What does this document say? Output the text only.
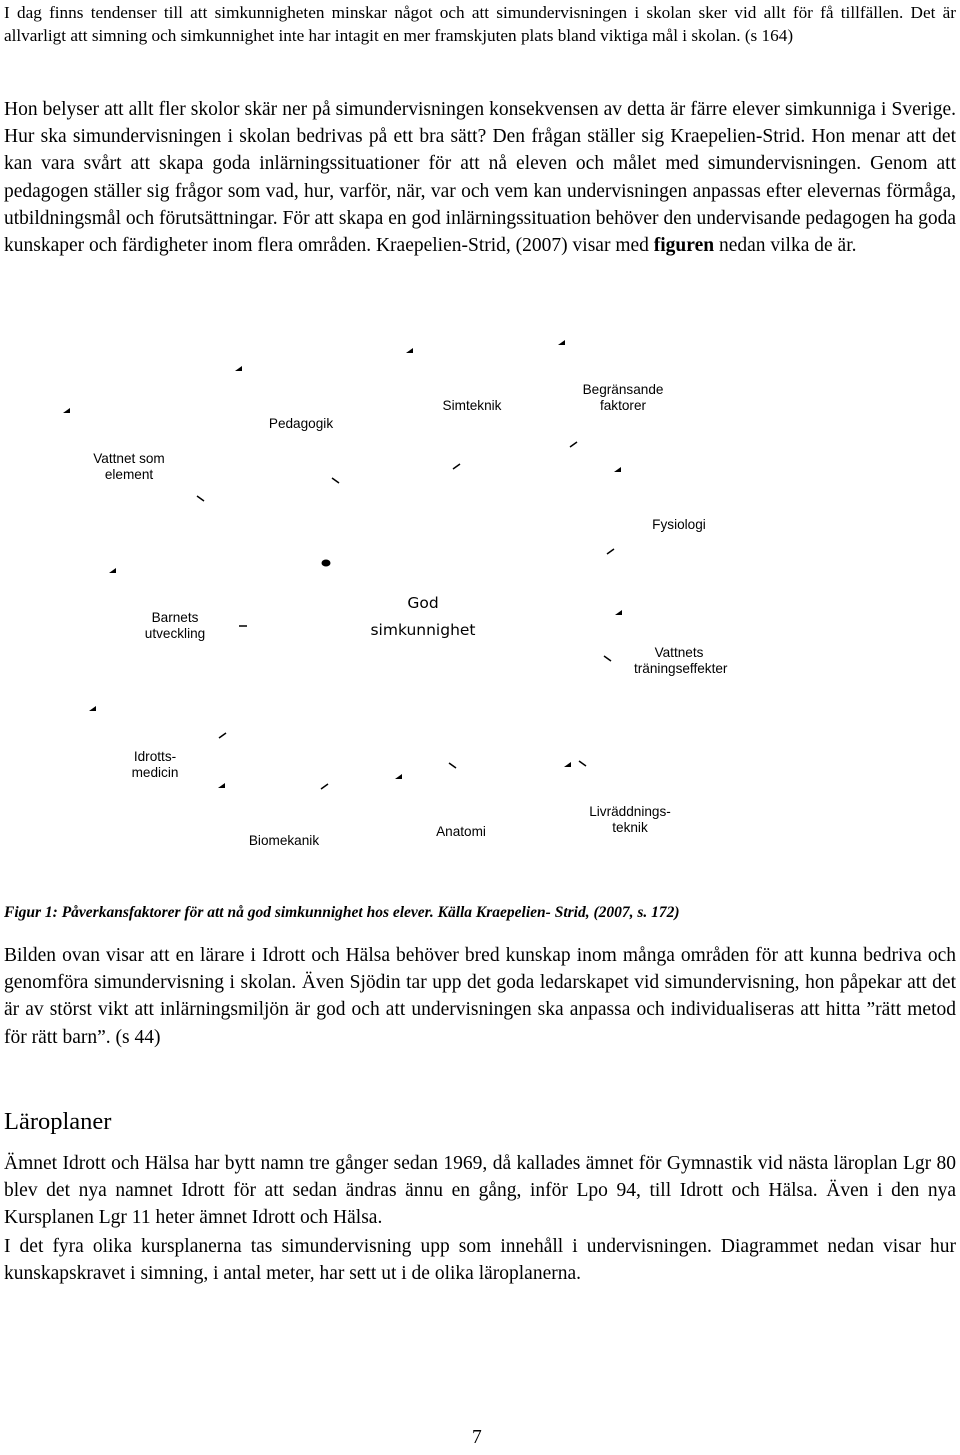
I dag finns tendenser till att simkunnigheten minskar något och att simundervisningen i skolan sker vid allt för få tillfällen. Det är allvarligt att simning och simkunnighet inte har intagit en mer framskjuten plats bland viktiga mål i skolan. (s 164)

Hon belyser att allt fler skolor skär ner på simundervisningen konsekvensen av detta är färre elever simkunniga i Sverige. Hur ska simundervisningen i skolan bedrivas på ett bra sätt? Den frågan ställer sig Kraepelien-Strid. Hon menar att det kan vara svårt att skapa goda inlärningssituationer för att nå eleven och målet med simundervisningen. Genom att pedagogen ställer sig frågor som vad, hur, varför, när, var och vem kan undervisningen anpassas efter elevernas förmåga, utbildningsmål och förutsättningar. För att skapa en god inlärningssituation behöver den undervisande pedagogen ha goda kunskaper och färdigheter inom flera områden. Kraepelien-Strid, (2007) visar med figuren nedan vilka de är.

Vattnet som
element
Pedagogik
Simteknik
Begränsande
faktorer
Fysiologi
Barnets
utveckling
God
simkunnighet
Vattnets
träningseffekter
Idrotts-
medicin
Biomekanik
Anatomi
Livräddnings-
teknik

Figur 1: Påverkansfaktorer för att nå god simkunnighet hos elever. Källa Kraepelien- Strid, (2007, s. 172)

Bilden ovan visar att en lärare i Idrott och Hälsa behöver bred kunskap inom många områden för att kunna bedriva och genomföra simundervisning i skolan. Även Sjödin tar upp det goda ledarskapet vid simundervisning, hon påpekar att det är av störst vikt att inlärningsmiljön är god och att undervisningen ska anpassa och individualiseras att hitta ”rätt metod för rätt barn”. (s 44)

Läroplaner

Ämnet Idrott och Hälsa har bytt namn tre gånger sedan 1969, då kallades ämnet för Gymnastik vid nästa läroplan Lgr 80 blev det nya namnet Idrott för att sedan ändras ännu en gång, inför Lpo 94, till Idrott och Hälsa. Även i den nya Kursplanen Lgr 11 heter ämnet Idrott och Hälsa.

I det fyra olika kursplanerna tas simundervisning upp som innehåll i undervisningen. Diagrammet nedan visar hur kunskapskravet i simning, i antal meter, har sett ut i de olika läroplanerna.

7
